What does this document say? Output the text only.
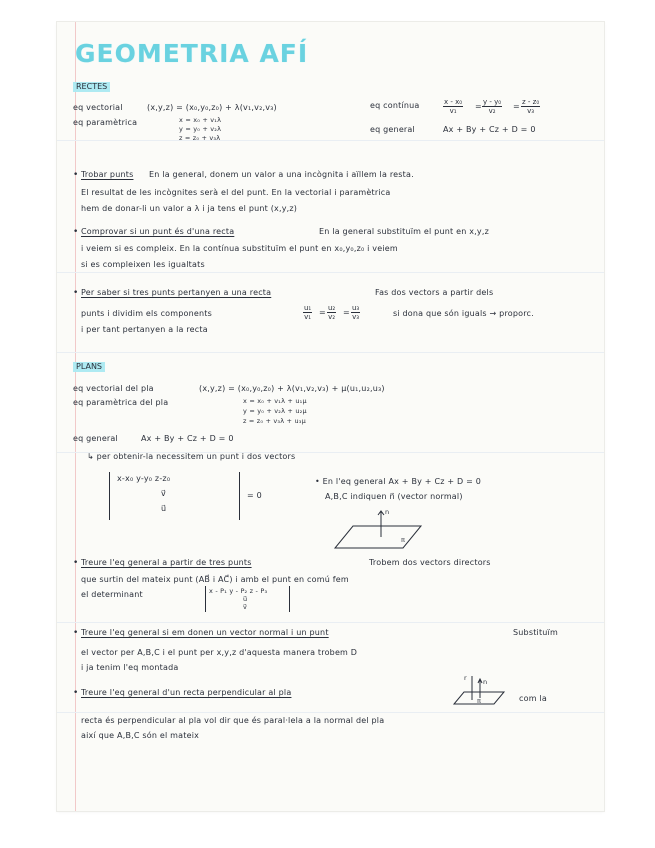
GEOMETRIA AFÍ
RECTES
eq vectorial	(x,y,z) = (x₀,y₀,z₀) + λ(v₁,v₂,v₃)
eq paramètrica	x = x₀ + v₁λ
y = y₀ + v₂λ
z = z₀ + v₃λ
eq contínua	$\frac{\text{x - x₀}}{\text{v₁}} = \frac{\text{y - y₀}}{\text{v₂}} = \frac{\text{z - z₀}}{\text{v₃}}$
eq general	Ax + By + Cz + D = 0
• Trobar punts En la general, donem un valor a una incògnita i aïllem la resta.
El resultat de les incògnites serà el del punt. En la vectorial i paramètrica
hem de donar-li un valor a λ i ja tens el punt (x,y,z)
• Comprovar si un punt és d'una recta	En la general substituïm el punt en x,y,z
i veiem si es compleix. En la contínua substituïm el punt en x₀,y₀,z₀ i veiem
si es compleixen les igualtats
• Per saber si tres punts pertanyen a una recta	Fas dos vectors a partir dels
punts i dividim els components	$\frac{\text{u₁}}{\text{v₁}} = \frac{\text{u₂}}{\text{v₂}} = \frac{\text{u₃}}{\text{v₃}}$	si dona que són iguals → proporc.
i per tant pertanyen a la recta
PLANS
eq vectorial del pla	(x,y,z) = (x₀,y₀,z₀) + λ(v₁,v₂,v₃) + μ(u₁,u₂,u₃)
eq paramètrica del pla	x = x₀ + v₁λ + u₁μ
y = y₀ + v₂λ + u₂μ
z = z₀ + v₃λ + u₃μ
eq general	Ax + By + Cz + D = 0
↳ per obtenir-la necessitem un punt i dos vectors
x-x₀ y-y₀ z-z₀
v⃗
u⃗
= 0
• En l'eq general Ax + By + Cz + D = 0
A,B,C indiquen n⃗ (vector normal)
n
π
• Treure l'eq general a partir de tres punts	Trobem dos vectors directors
que surtin del mateix punt (AB⃗ i AC⃗) i amb el punt en comú fem
el determinant	x - P₁ y - P₂ z - P₃
u⃗
v⃗
• Treure l'eq general si em donen un vector normal i un punt	Substituïm
el vector per A,B,C i el punt per x,y,z d'aquesta manera trobem D
i ja tenim l'eq montada
• Treure l'eq general d'un recta perpendicular al pla
r n
π	com la
recta és perpendicular al pla vol dir que és paral·lela a la normal del pla
així que A,B,C són el mateix
